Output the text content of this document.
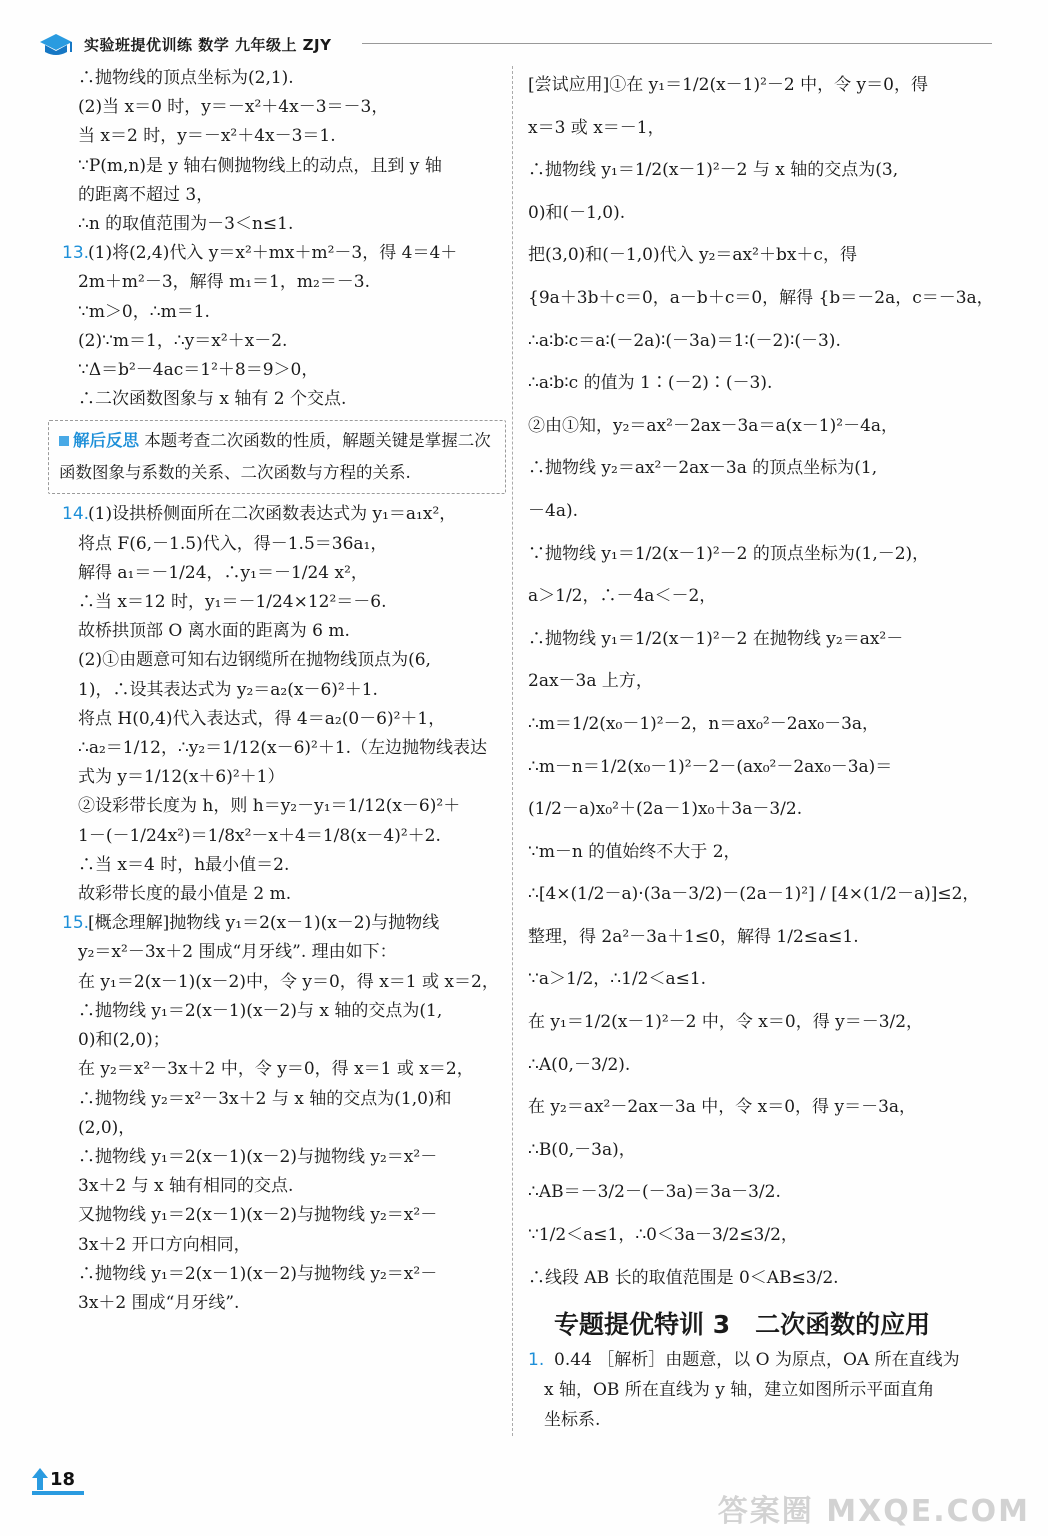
实验班提优训练 数学 九年级上 ZJY
∴抛物线的顶点坐标为(2,1).
(2)当 x＝0 时，y＝－x²＋4x－3＝－3，
当 x＝2 时，y＝－x²＋4x－3＝1.
∵P(m,n)是 y 轴右侧抛物线上的动点，且到 y 轴
的距离不超过 3，
∴n 的取值范围为－3＜n≤1.
13.(1)将(2,4)代入 y＝x²＋mx＋m²－3，得 4＝4＋
2m＋m²－3，解得 m₁＝1，m₂＝－3.
∵m＞0，∴m＝1.
(2)∵m＝1，∴y＝x²＋x－2.
∵Δ＝b²－4ac＝1²＋8＝9＞0，
∴二次函数图象与 x 轴有 2 个交点.
解后反思 本题考查二次函数的性质，解题关键是掌握二次函数图象与系数的关系、二次函数与方程的关系.
14.(1)设拱桥侧面所在二次函数表达式为 y₁＝a₁x²，
将点 F(6,－1.5)代入，得－1.5＝36a₁，
解得 a₁＝－1/24，∴y₁＝－1/24 x²，
∴当 x＝12 时，y₁＝－1/24×12²＝－6.
故桥拱顶部 O 离水面的距离为 6 m.
(2)①由题意可知右边钢缆所在抛物线顶点为(6,
1)，∴设其表达式为 y₂＝a₂(x－6)²＋1.
将点 H(0,4)代入表达式，得 4＝a₂(0－6)²＋1，
∴a₂＝1/12，∴y₂＝1/12(x－6)²＋1.（左边抛物线表达
式为 y＝1/12(x＋6)²＋1）
②设彩带长度为 h，则 h＝y₂－y₁＝1/12(x－6)²＋
1－(－1/24x²)＝1/8x²－x＋4＝1/8(x－4)²＋2.
∴当 x＝4 时，h最小值＝2.
故彩带长度的最小值是 2 m.
15.[概念理解]抛物线 y₁＝2(x－1)(x－2)与抛物线
y₂＝x²－3x＋2 围成“月牙线”. 理由如下：
在 y₁＝2(x－1)(x－2)中，令 y＝0，得 x＝1 或 x＝2，
∴抛物线 y₁＝2(x－1)(x－2)与 x 轴的交点为(1,
0)和(2,0)；
在 y₂＝x²－3x＋2 中，令 y＝0，得 x＝1 或 x＝2，
∴抛物线 y₂＝x²－3x＋2 与 x 轴的交点为(1,0)和
(2,0)，
∴抛物线 y₁＝2(x－1)(x－2)与抛物线 y₂＝x²－
3x＋2 与 x 轴有相同的交点.
又抛物线 y₁＝2(x－1)(x－2)与抛物线 y₂＝x²－
3x＋2 开口方向相同，
∴抛物线 y₁＝2(x－1)(x－2)与抛物线 y₂＝x²－
3x＋2 围成“月牙线”.
[尝试应用]①在 y₁＝1/2(x－1)²－2 中，令 y＝0，得
x＝3 或 x＝－1，
∴抛物线 y₁＝1/2(x－1)²－2 与 x 轴的交点为(3,
0)和(－1,0).
把(3,0)和(－1,0)代入 y₂＝ax²＋bx＋c，得
{9a＋3b＋c＝0，a－b＋c＝0，解得 {b＝－2a，c＝－3a，
∴a∶b∶c＝a∶(－2a)∶(－3a)＝1∶(－2)∶(－3).
∴a∶b∶c 的值为 1∶(－2)∶(－3).
②由①知，y₂＝ax²－2ax－3a＝a(x－1)²－4a，
∴抛物线 y₂＝ax²－2ax－3a 的顶点坐标为(1,
－4a).
∵抛物线 y₁＝1/2(x－1)²－2 的顶点坐标为(1,－2)，
a＞1/2，∴－4a＜－2，
∴抛物线 y₁＝1/2(x－1)²－2 在抛物线 y₂＝ax²－
2ax－3a 上方，
∴m＝1/2(x₀－1)²－2，n＝ax₀²－2ax₀－3a，
∴m－n＝1/2(x₀－1)²－2－(ax₀²－2ax₀－3a)＝
(1/2－a)x₀²＋(2a－1)x₀＋3a－3/2.
∵m－n 的值始终不大于 2，
∴[4×(1/2－a)·(3a－3/2)－(2a－1)²] / [4×(1/2－a)]≤2，
整理，得 2a²－3a＋1≤0，解得 1/2≤a≤1.
∵a＞1/2，∴1/2＜a≤1.
在 y₁＝1/2(x－1)²－2 中，令 x＝0，得 y＝－3/2，
∴A(0,－3/2).
在 y₂＝ax²－2ax－3a 中，令 x＝0，得 y＝－3a，
∴B(0,－3a)，
∴AB＝－3/2－(－3a)＝3a－3/2.
∵1/2＜a≤1，∴0＜3a－3/2≤3/2，
∴线段 AB 长的取值范围是 0＜AB≤3/2.
专题提优特训 3　二次函数的应用
1. 0.44 ［解析］由题意，以 O 为原点，OA 所在直线为
x 轴，OB 所在直线为 y 轴，建立如图所示平面直角
坐标系.
18
答案圈 MXQE.COM
